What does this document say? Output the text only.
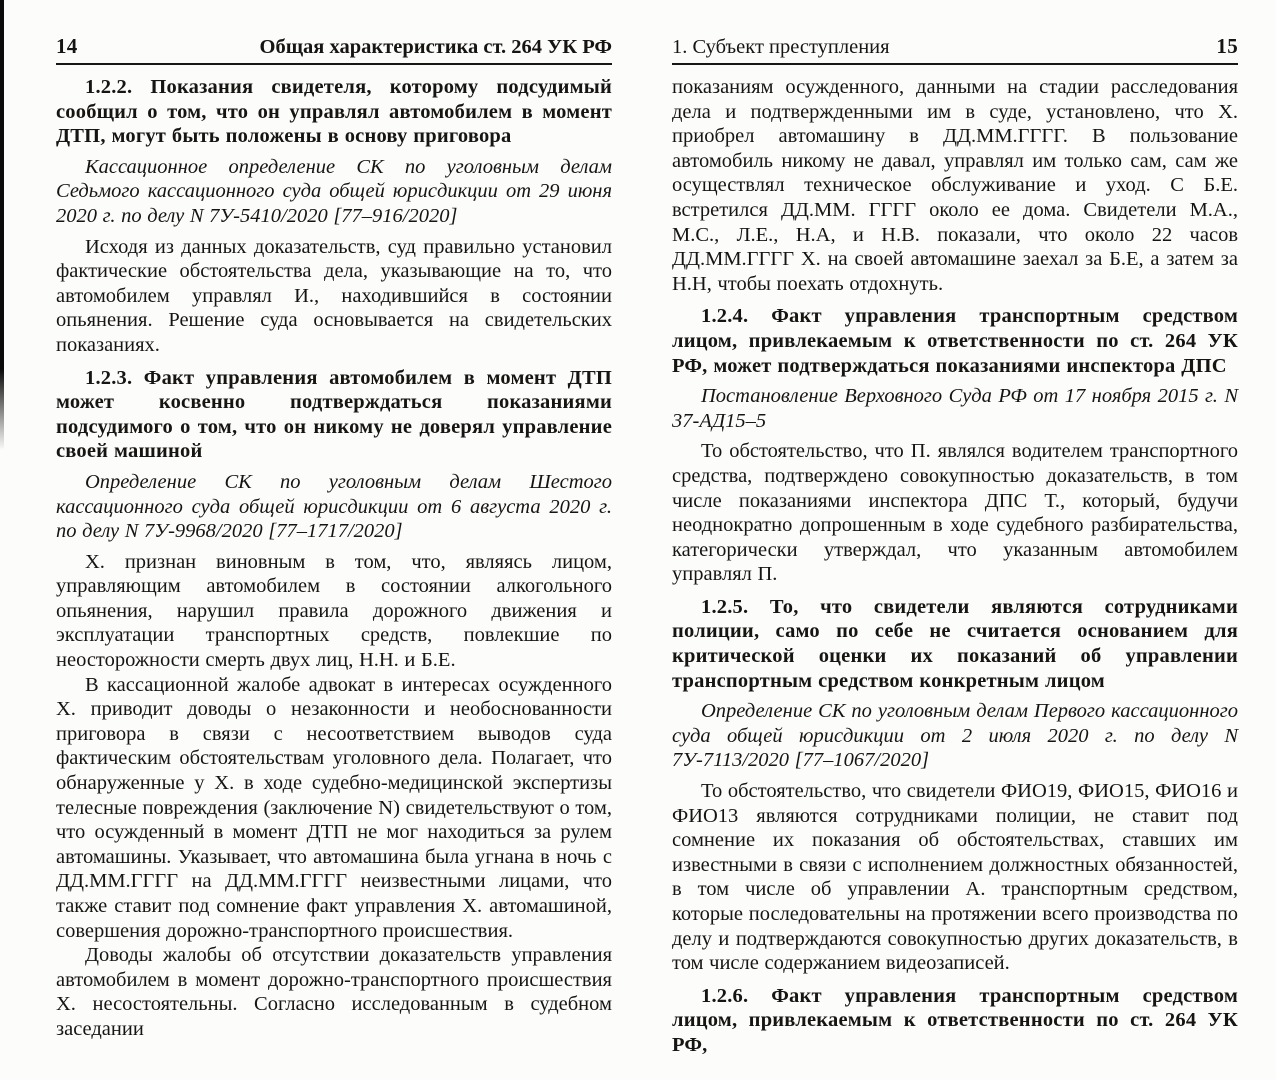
14	Общая характеристика ст. 264 УК РФ

1.2.2. Показания свидетеля, которому подсудимый сообщил о том, что он управлял автомобилем в момент ДТП, могут быть положены в основу приговора

Кассационное определение СК по уголовным делам Седьмого кассационного суда общей юрисдикции от 29 июня 2020 г. по делу N 7У-5410/2020 [77–916/2020]

Исходя из данных доказательств, суд правильно установил фактические обстоятельства дела, указывающие на то, что автомобилем управлял И., находившийся в состоянии опьянения. Решение суда основывается на свидетельских показаниях.

1.2.3. Факт управления автомобилем в момент ДТП может косвенно подтверждаться показаниями подсудимого о том, что он никому не доверял управление своей машиной

Определение СК по уголовным делам Шестого кассационного суда общей юрисдикции от 6 августа 2020 г. по делу N 7У-9968/2020 [77–1717/2020]

Х. признан виновным в том, что, являясь лицом, управляющим автомобилем в состоянии алкогольного опьянения, нарушил правила дорожного движения и эксплуатации транспортных средств, повлекшие по неосторожности смерть двух лиц, Н.Н. и Б.Е.

В кассационной жалобе адвокат в интересах осужденного Х. приводит доводы о незаконности и необоснованности приговора в связи с несоответствием выводов суда фактическим обстоятельствам уголовного дела. Полагает, что обнаруженные у Х. в ходе судебно-медицинской экспертизы телесные повреждения (заключение N) свидетельствуют о том, что осужденный в момент ДТП не мог находиться за рулем автомашины. Указывает, что автомашина была угнана в ночь с ДД.ММ.ГГГГ на ДД.ММ.ГГГГ неизвестными лицами, что также ставит под сомнение факт управления Х. автомашиной, совершения дорожно-транспортного происшествия.

Доводы жалобы об отсутствии доказательств управления автомобилем в момент дорожно-транспортного происшествия Х. несостоятельны. Согласно исследованным в судебном заседании

1. Субъект преступления	15

показаниям осужденного, данными на стадии расследования дела и подтвержденными им в суде, установлено, что Х. приобрел автомашину в ДД.ММ.ГГГГ. В пользование автомобиль никому не давал, управлял им только сам, сам же осуществлял техническое обслуживание и уход. С Б.Е. встретился ДД.ММ. ГГГГ около ее дома. Свидетели М.А., М.С., Л.Е., Н.А, и Н.В. показали, что около 22 часов ДД.ММ.ГГГГ Х. на своей автомашине заехал за Б.Е, а затем за Н.Н, чтобы поехать отдохнуть.

1.2.4. Факт управления транспортным средством лицом, привлекаемым к ответственности по ст. 264 УК РФ, может подтверждаться показаниями инспектора ДПС

Постановление Верховного Суда РФ от 17 ноября 2015 г. N 37-АД15–5

То обстоятельство, что П. являлся водителем транспортного средства, подтверждено совокупностью доказательств, в том числе показаниями инспектора ДПС Т., который, будучи неоднократно допрошенным в ходе судебного разбирательства, категорически утверждал, что указанным автомобилем управлял П.

1.2.5. То, что свидетели являются сотрудниками полиции, само по себе не считается основанием для критической оценки их показаний об управлении транспортным средством конкретным лицом

Определение СК по уголовным делам Первого кассационного суда общей юрисдикции от 2 июля 2020 г. по делу N 7У-7113/2020 [77–1067/2020]

То обстоятельство, что свидетели ФИО19, ФИО15, ФИО16 и ФИО13 являются сотрудниками полиции, не ставит под сомнение их показания об обстоятельствах, ставших им известными в связи с исполнением должностных обязанностей, в том числе об управлении А. транспортным средством, которые последовательны на протяжении всего производства по делу и подтверждаются совокупностью других доказательств, в том числе содержанием видеозаписей.

1.2.6. Факт управления транспортным средством лицом, привлекаемым к ответственности по ст. 264 УК РФ,
